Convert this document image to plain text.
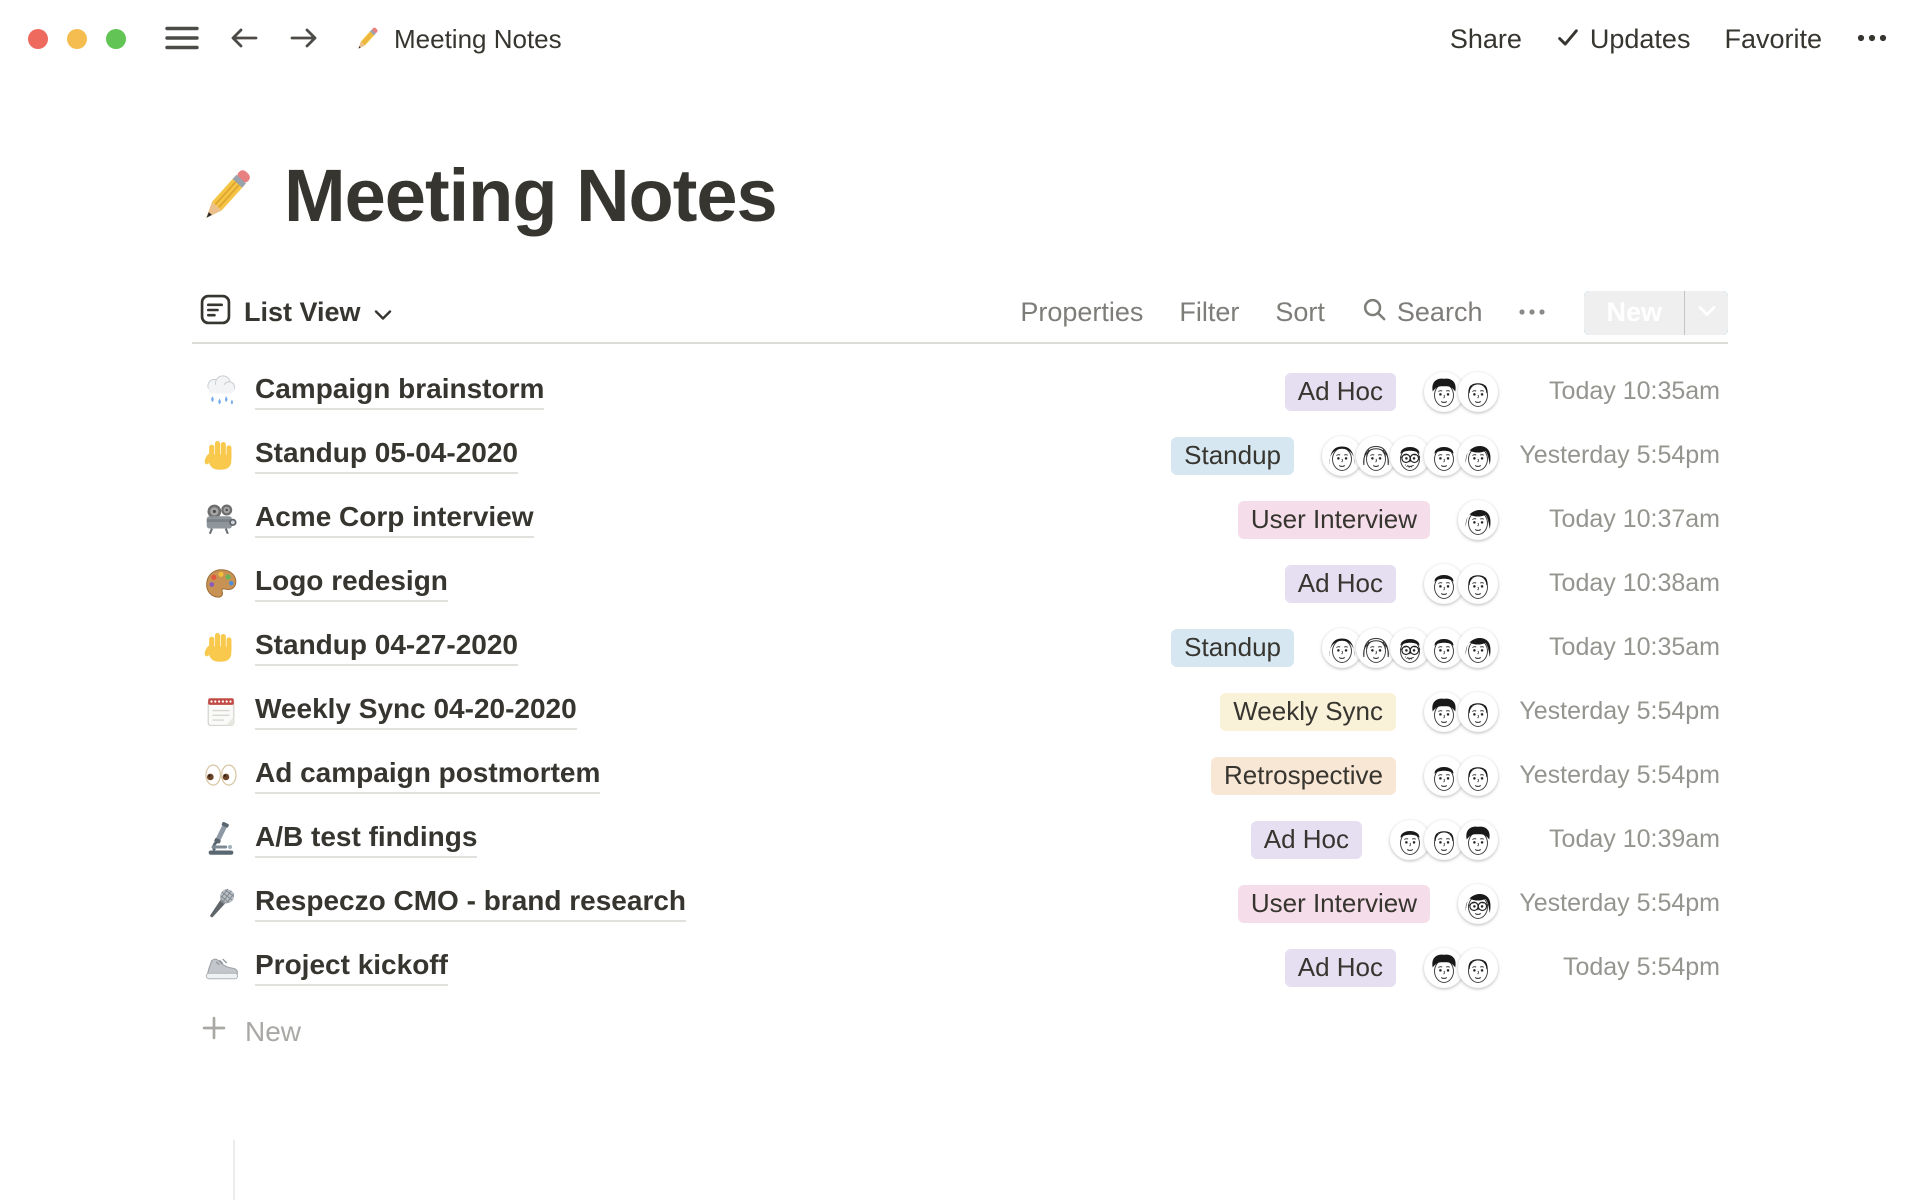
Meeting Notes	Share	Updates Favorite
Meeting Notes
List View	Properties Filter Sort	Search	New
Campaign brainstorm	Ad Hoc	Today 10:35am
Standup 05-04-2020	Standup	Yesterday 5:54pm
Acme Corp interview	User Interview	Today 10:37am
Logo redesign	Ad Hoc	Today 10:38am
Standup 04-27-2020	Standup	Today 10:35am
Weekly Sync 04-20-2020	Weekly Sync	Yesterday 5:54pm
Ad campaign postmortem	Retrospective	Yesterday 5:54pm
A/B test findings	Ad Hoc	Today 10:39am
Respeczo CMO - brand research	User Interview	Yesterday 5:54pm
Project kickoff	Ad Hoc	Today 5:54pm
New
